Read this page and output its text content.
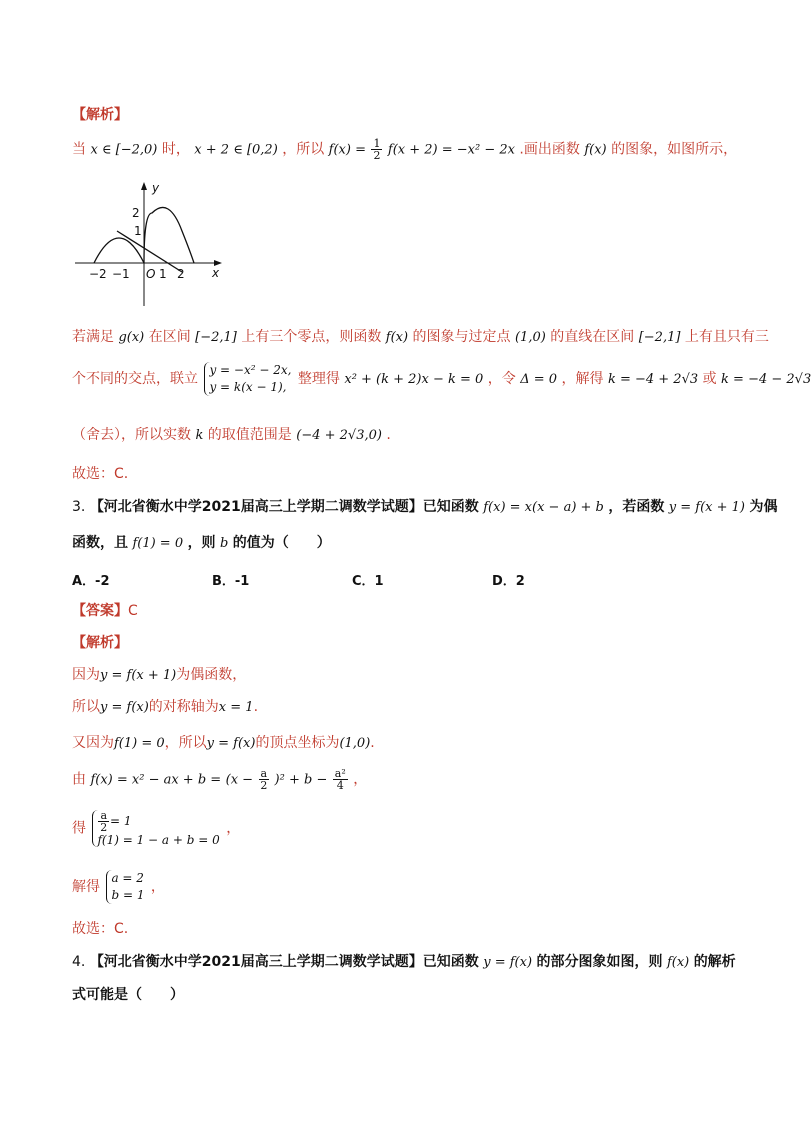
【解析】
当 x ∈ [−2,0) 时， x + 2 ∈ [0,2) ，所以 $f(x) = \frac{1}{2} f(x + 2) = -x^2 - 2x$ .画出函数 f(x) 的图象，如图所示，
y
x
2
1
O
−2 −1 1 2
若满足 g(x) 在区间 [−2,1] 上有三个零点，则函数 f(x) 的图象与过定点 (1,0) 的直线在区间 [−2,1] 上有且只有三
个不同的交点，联立
y = −x² − 2x,
y = k(x − 1), 整理得 x² + (k + 2)x − k = 0 ，令 Δ = 0 ，解得 k = −4 + 2√3 或 k = −4 − 2√3
（舍去），所以实数 k 的取值范围是 (−4 + 2√3,0) .
故选：C.
3. 【河北省衡水中学2021届高三上学期二调数学试题】已知函数 f(x) = x(x − a) + b ，若函数 y = f(x + 1) 为偶
函数，且 f(1) = 0 ，则 b 的值为（　　）
A．-2	B．-1	C．1	D．2
【答案】C
【解析】
因为y = f(x + 1)为偶函数，
所以y = f(x)的对称轴为x = 1.
又因为f(1) = 0，所以y = f(x)的顶点坐标为(1,0).
由 f(x) = x² − ax + $b = (x - \frac{a}{2} )^2 + b - \frac{\text{a²}}{4}$ ，
得 $\frac{a}{2} = 1$
f(1) = 1 − a + b = 0
，
解得
a = 2
b = 1 ，
故选：C.
4. 【河北省衡水中学2021届高三上学期二调数学试题】已知函数 y = f(x) 的部分图象如图，则 f(x) 的解析
式可能是（　　）
